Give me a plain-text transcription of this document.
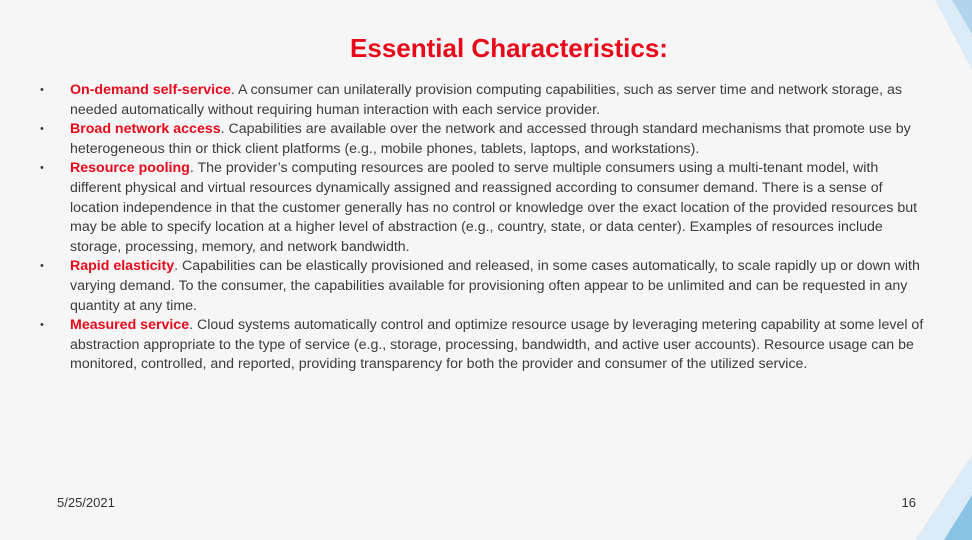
Essential Characteristics:
•	On-demand self-service. A consumer can unilaterally provision computing capabilities, such as server time and network storage, as needed automatically without requiring human interaction with each service provider.
•	Broad network access. Capabilities are available over the network and accessed through standard mechanisms that promote use by heterogeneous thin or thick client platforms (e.g., mobile phones, tablets, laptops, and workstations).
•	Resource pooling. The provider’s computing resources are pooled to serve multiple consumers using a multi-tenant model, with different physical and virtual resources dynamically assigned and reassigned according to consumer demand. There is a sense of location independence in that the customer generally has no control or knowledge over the exact location of the provided resources but may be able to specify location at a higher level of abstraction (e.g., country, state, or data center). Examples of resources include storage, processing, memory, and network bandwidth.
•	Rapid elasticity. Capabilities can be elastically provisioned and released, in some cases automatically, to scale rapidly up or down with varying demand. To the consumer, the capabilities available for provisioning often appear to be unlimited and can be requested in any quantity at any time.
•	Measured service. Cloud systems automatically control and optimize resource usage by leveraging metering capability at some level of abstraction appropriate to the type of service (e.g., storage, processing, bandwidth, and active user accounts). Resource usage can be monitored, controlled, and reported, providing transparency for both the provider and consumer of the utilized service.
5/25/2021	16
